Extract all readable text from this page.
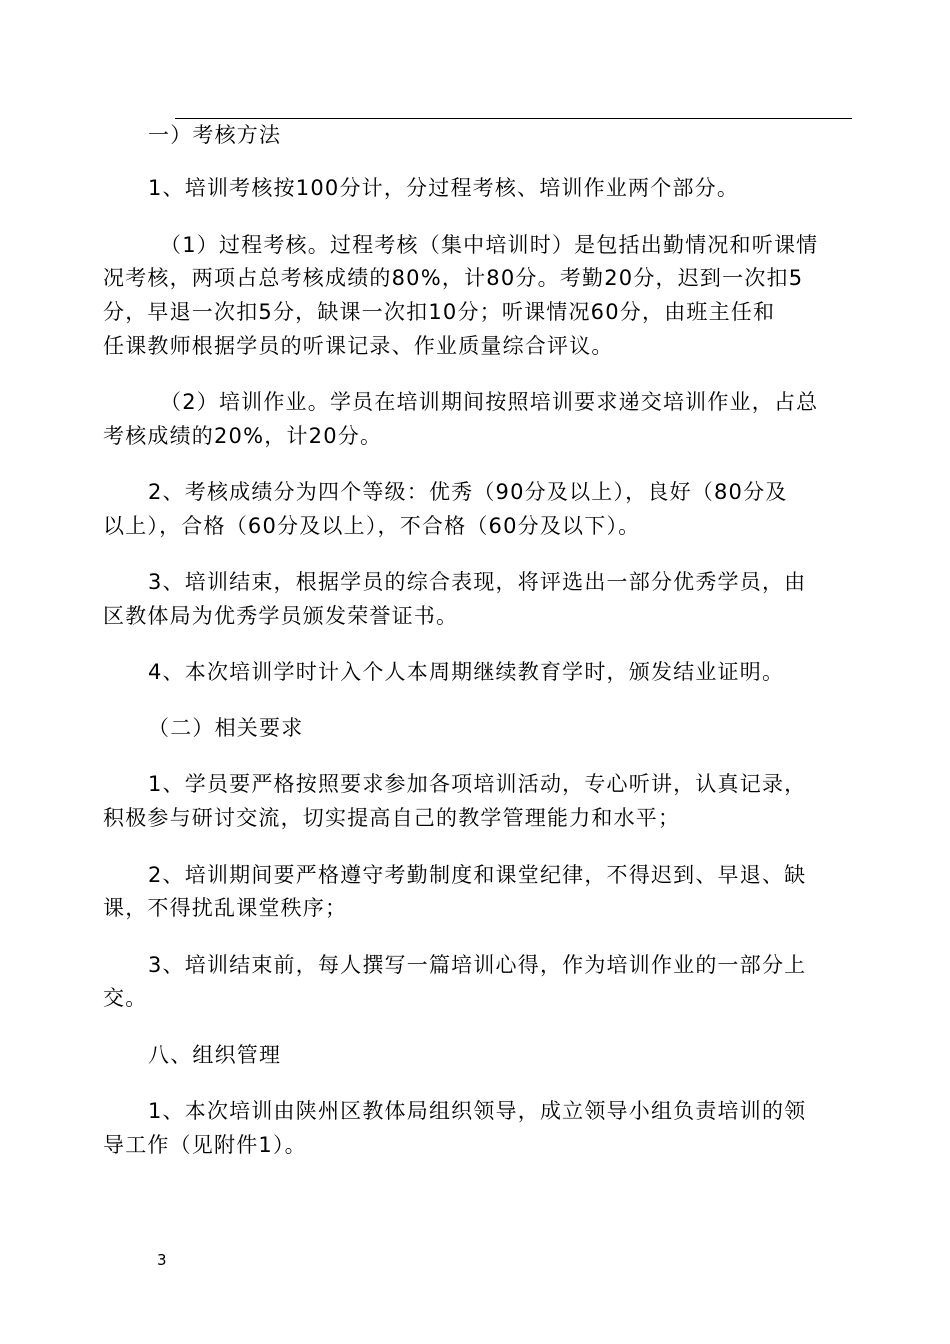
一）考核方法
1、培训考核按100分计，分过程考核、培训作业两个部分。
（1）过程考核。过程考核（集中培训时）是包括出勤情况和听课情
况考核，两项占总考核成绩的80%，计80分。考勤20分，迟到一次扣5
分，早退一次扣5分，缺课一次扣10分；听课情况60分，由班主任和
任课教师根据学员的听课记录、作业质量综合评议。
（2）培训作业。学员在培训期间按照培训要求递交培训作业，占总
考核成绩的20%，计20分。
2、考核成绩分为四个等级：优秀（90分及以上），良好（80分及
以上），合格（60分及以上），不合格（60分及以下）。
3、培训结束，根据学员的综合表现，将评选出一部分优秀学员，由
区教体局为优秀学员颁发荣誉证书。
4、本次培训学时计入个人本周期继续教育学时，颁发结业证明。
（二）相关要求
1、学员要严格按照要求参加各项培训活动，专心听讲，认真记录，
积极参与研讨交流，切实提高自己的教学管理能力和水平；
2、培训期间要严格遵守考勤制度和课堂纪律，不得迟到、早退、缺
课，不得扰乱课堂秩序；
3、培训结束前，每人撰写一篇培训心得，作为培训作业的一部分上
交。
八、组织管理
1、本次培训由陕州区教体局组织领导，成立领导小组负责培训的领
导工作（见附件1）。
3
